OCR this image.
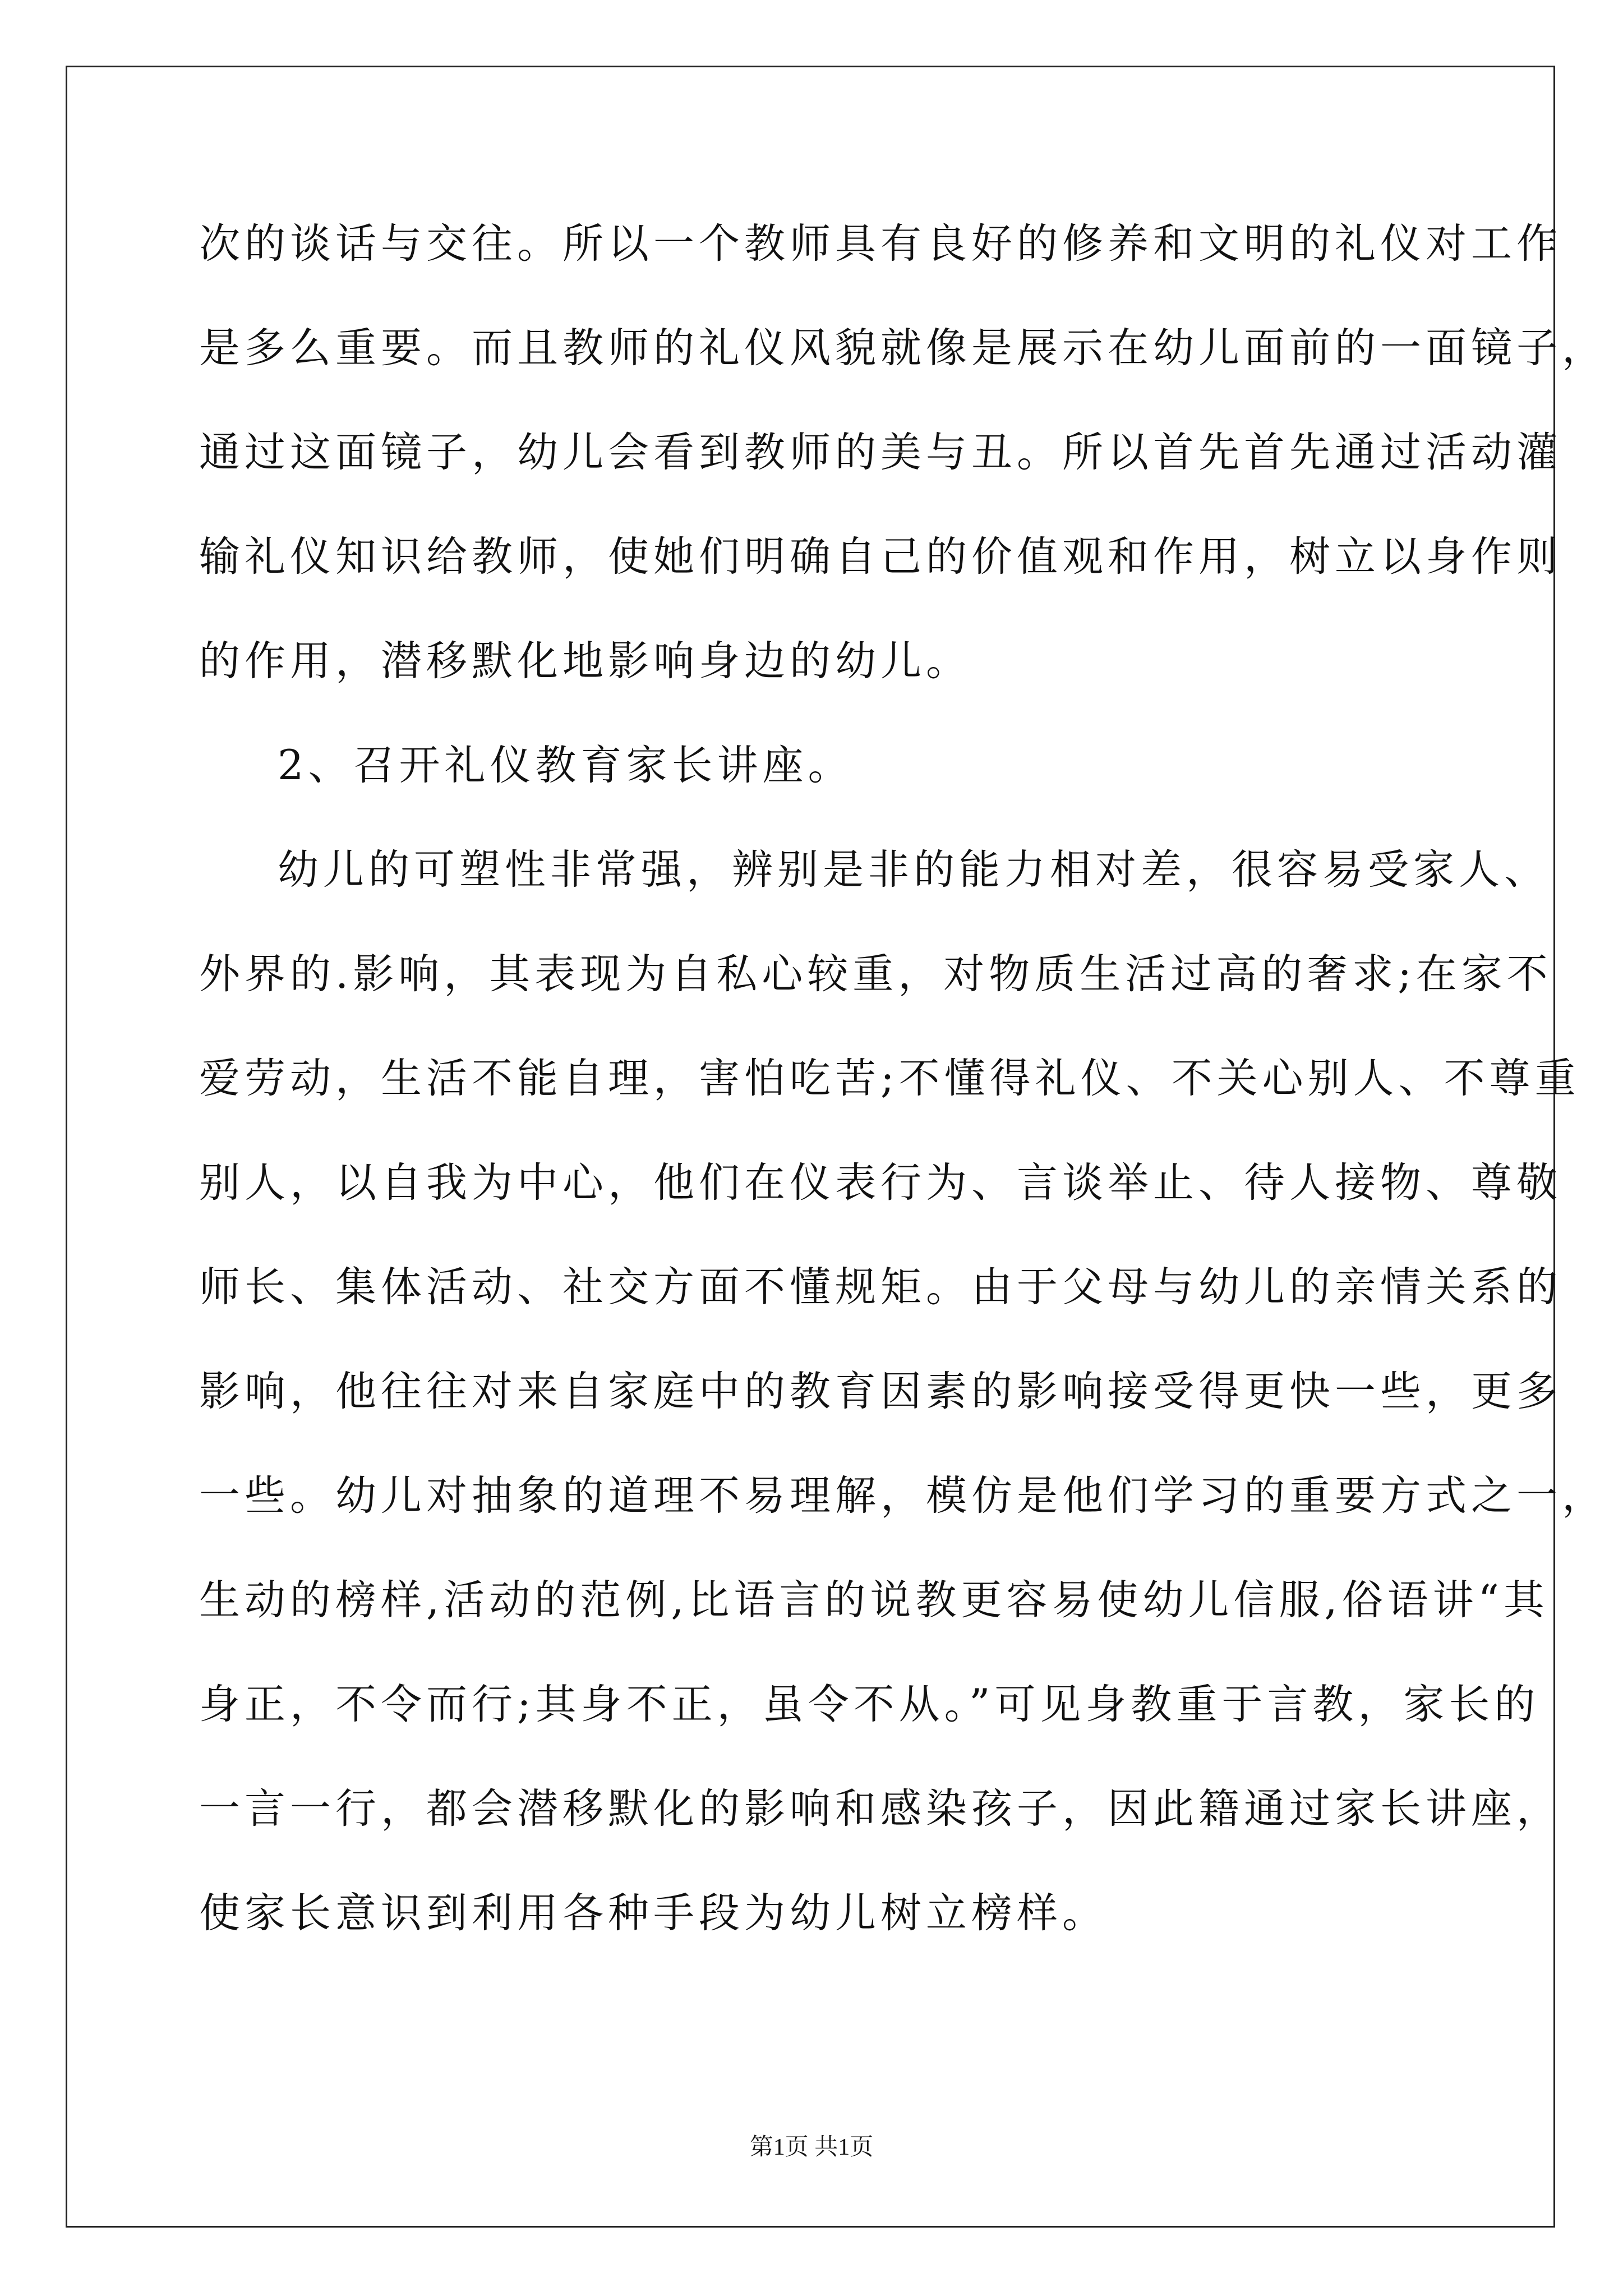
次的谈话与交往。所以一个教师具有良好的修养和文明的礼仪对工作
是多么重要。而且教师的礼仪风貌就像是展示在幼儿面前的一面镜子，
通过这面镜子，幼儿会看到教师的美与丑。所以首先首先通过活动灌
输礼仪知识给教师，使她们明确自己的价值观和作用，树立以身作则
的作用，潜移默化地影响身边的幼儿。
2、召开礼仪教育家长讲座。
幼儿的可塑性非常强，辨别是非的能力相对差，很容易受家人、
外界的.影响，其表现为自私心较重，对物质生活过高的奢求;在家不
爱劳动，生活不能自理，害怕吃苦;不懂得礼仪、不关心别人、不尊重
别人，以自我为中心，他们在仪表行为、言谈举止、待人接物、尊敬
师长、集体活动、社交方面不懂规矩。由于父母与幼儿的亲情关系的
影响，他往往对来自家庭中的教育因素的影响接受得更快一些，更多
一些。幼儿对抽象的道理不易理解，模仿是他们学习的重要方式之一，
生动的榜样,活动的范例,比语言的说教更容易使幼儿信服,俗语讲“其
身正，不令而行;其身不正，虽令不从。”可见身教重于言教，家长的
一言一行，都会潜移默化的影响和感染孩子，因此籍通过家长讲座，
使家长意识到利用各种手段为幼儿树立榜样。
第1页 共1页
